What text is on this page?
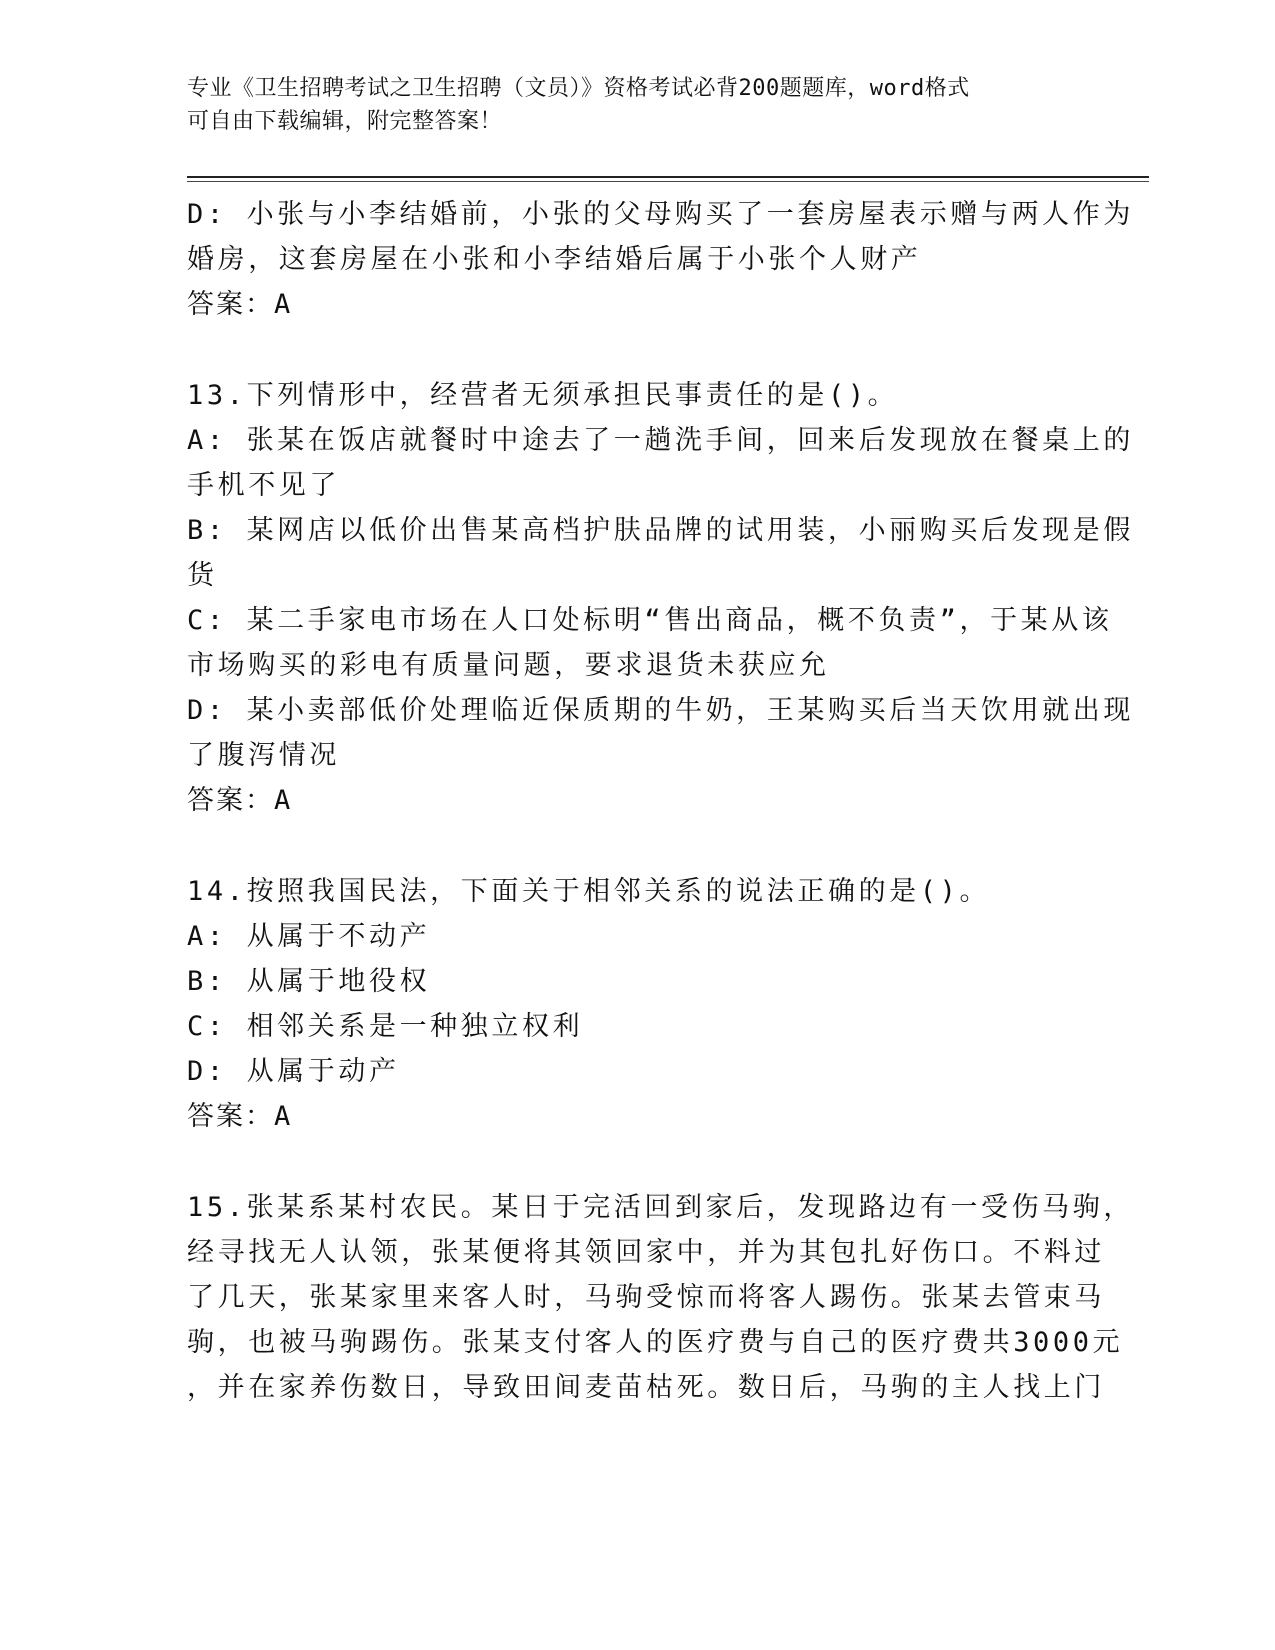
专业《卫生招聘考试之卫生招聘（文员）》资格考试必背200题题库，word格式
可自由下载编辑，附完整答案！
D: 小张与小李结婚前，小张的父母购买了一套房屋表示赠与两人作为
婚房，这套房屋在小张和小李结婚后属于小张个人财产
答案：A
13.下列情形中，经营者无须承担民事责任的是()。
A: 张某在饭店就餐时中途去了一趟洗手间，回来后发现放在餐桌上的
手机不见了
B: 某网店以低价出售某高档护肤品牌的试用装，小丽购买后发现是假
货
C: 某二手家电市场在人口处标明“售出商品，概不负责”，于某从该
市场购买的彩电有质量问题，要求退货未获应允
D: 某小卖部低价处理临近保质期的牛奶，王某购买后当天饮用就出现
了腹泻情况
答案：A
14.按照我国民法，下面关于相邻关系的说法正确的是()。
A: 从属于不动产
B: 从属于地役权
C: 相邻关系是一种独立权利
D: 从属于动产
答案：A
15.张某系某村农民。某日于完活回到家后，发现路边有一受伤马驹，
经寻找无人认领，张某便将其领回家中，并为其包扎好伤口。不料过
了几天，张某家里来客人时，马驹受惊而将客人踢伤。张某去管束马
驹，也被马驹踢伤。张某支付客人的医疗费与自己的医疗费共3000元
，并在家养伤数日，导致田间麦苗枯死。数日后，马驹的主人找上门
